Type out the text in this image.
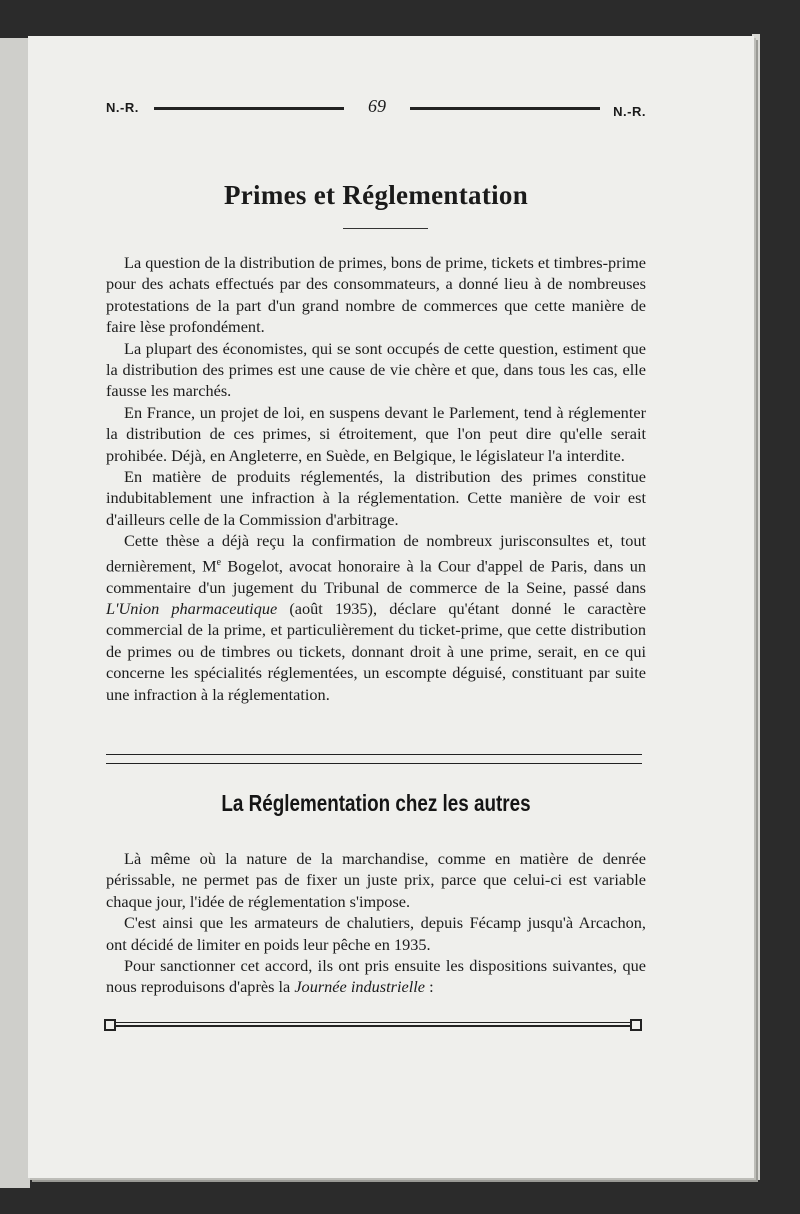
N.-R.	69	N.-R.
Primes et Réglementation

La question de la distribution de primes, bons de prime, tickets et timbres-prime pour des achats effectués par des consommateurs, a donné lieu à de nombreuses protestations de la part d'un grand nombre de commerces que cette manière de faire lèse profondément.

La plupart des économistes, qui se sont occupés de cette question, estiment que la distribution des primes est une cause de vie chère et que, dans tous les cas, elle fausse les marchés.

En France, un projet de loi, en suspens devant le Parlement, tend à réglementer la distribution de ces primes, si étroitement, que l'on peut dire qu'elle serait prohibée. Déjà, en Angleterre, en Suède, en Belgique, le législateur l'a interdite.

En matière de produits réglementés, la distribution des primes constitue indubitablement une infraction à la réglementation. Cette manière de voir est d'ailleurs celle de la Commission d'arbitrage.

Cette thèse a déjà reçu la confirmation de nombreux jurisconsultes et, tout dernièrement, Me Bogelot, avocat honoraire à la Cour d'appel de Paris, dans un commentaire d'un jugement du Tribunal de commerce de la Seine, passé dans L'Union pharmaceutique (août 1935), déclare qu'étant donné le caractère commercial de la prime, et particulièrement du ticket-prime, que cette distribution de primes ou de timbres ou tickets, donnant droit à une prime, serait, en ce qui concerne les spécialités réglementées, un escompte déguisé, constituant par suite une infraction à la réglementation.

La Réglementation chez les autres

Là même où la nature de la marchandise, comme en matière de denrée périssable, ne permet pas de fixer un juste prix, parce que celui-ci est variable chaque jour, l'idée de réglementation s'impose.

C'est ainsi que les armateurs de chalutiers, depuis Fécamp jusqu'à Arcachon, ont décidé de limiter en poids leur pêche en 1935.

Pour sanctionner cet accord, ils ont pris ensuite les dispositions suivantes, que nous reproduisons d'après la Journée industrielle :
